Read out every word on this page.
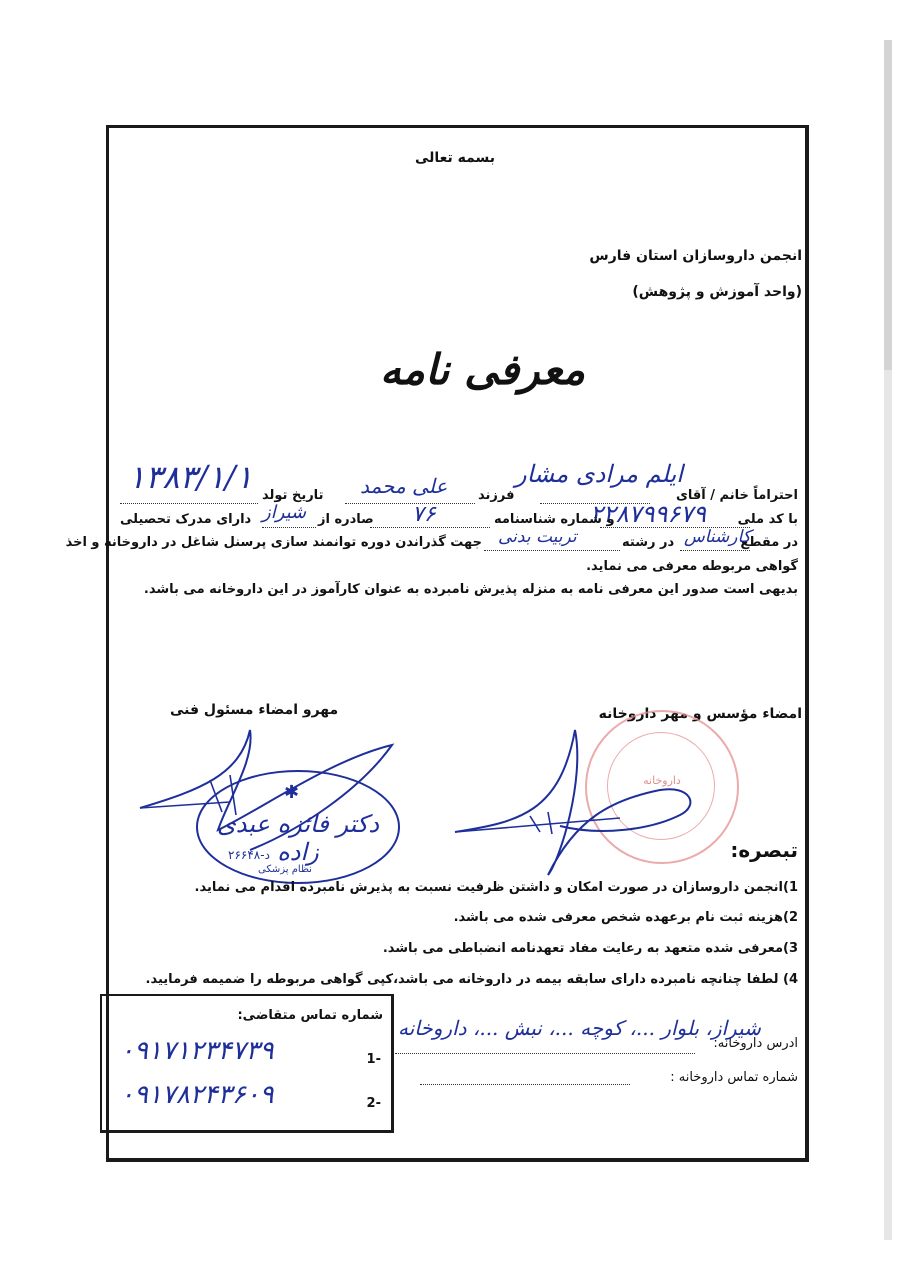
بسمه تعالی
انجمن داروسازان استان فارس
(واحد آموزش و پژوهش)
معرفی نامه
احتراماً خانم / آقای
ایلم مرادی مشار
فرزند
علی محمد
تاریخ تولد
۱۳۸۳/۱/۱
با کد ملی
۲۲۸۷۹۹۶۷۹
و شماره شناسنامه
۷۶
صادره از
شیراز
دارای مدرک تحصیلی
در مقطع
کارشناس
در رشته
تربیت بدنی
جهت گذراندن دوره توانمند سازی پرسنل شاغل در داروخانه و اخذ
گواهی مربوطه معرفی می نماید.
بدیهی است صدور این معرفی نامه به منزله پذیرش نامبرده به عنوان کارآموز در این داروخانه می باشد.
مهرو امضاء مسئول فنی	امضاء مؤسس و مهر داروخانه
داروخانه
✱
دکتر فائزه عبدی زاده
د-۲۶۶۴۸
نظام پزشکی
تبصره:
1)انجمن داروسازان در صورت امکان و داشتن ظرفیت نسبت به پذیرش نامبرده اقدام می نماید.
2)هزینه ثبت نام برعهده شخص معرفی شده می باشد.
3)معرفی شده متعهد به رعایت مفاد تعهدنامه انضباطی می باشد.
4) لطفا چنانچه نامبرده دارای سابقه بیمه در داروخانه می باشد،کپی گواهی مربوطه را ضمیمه فرمایید.
ادرس داروخانه:
شیراز، بلوار ...، کوچه ...، نبش ...، داروخانه
شماره تماس داروخانه :
شماره تماس متقاضی:
-1
۰۹۱۷۱۲۳۴۷۳۹
-2
۰۹۱۷۸۲۴۳۶۰۹
